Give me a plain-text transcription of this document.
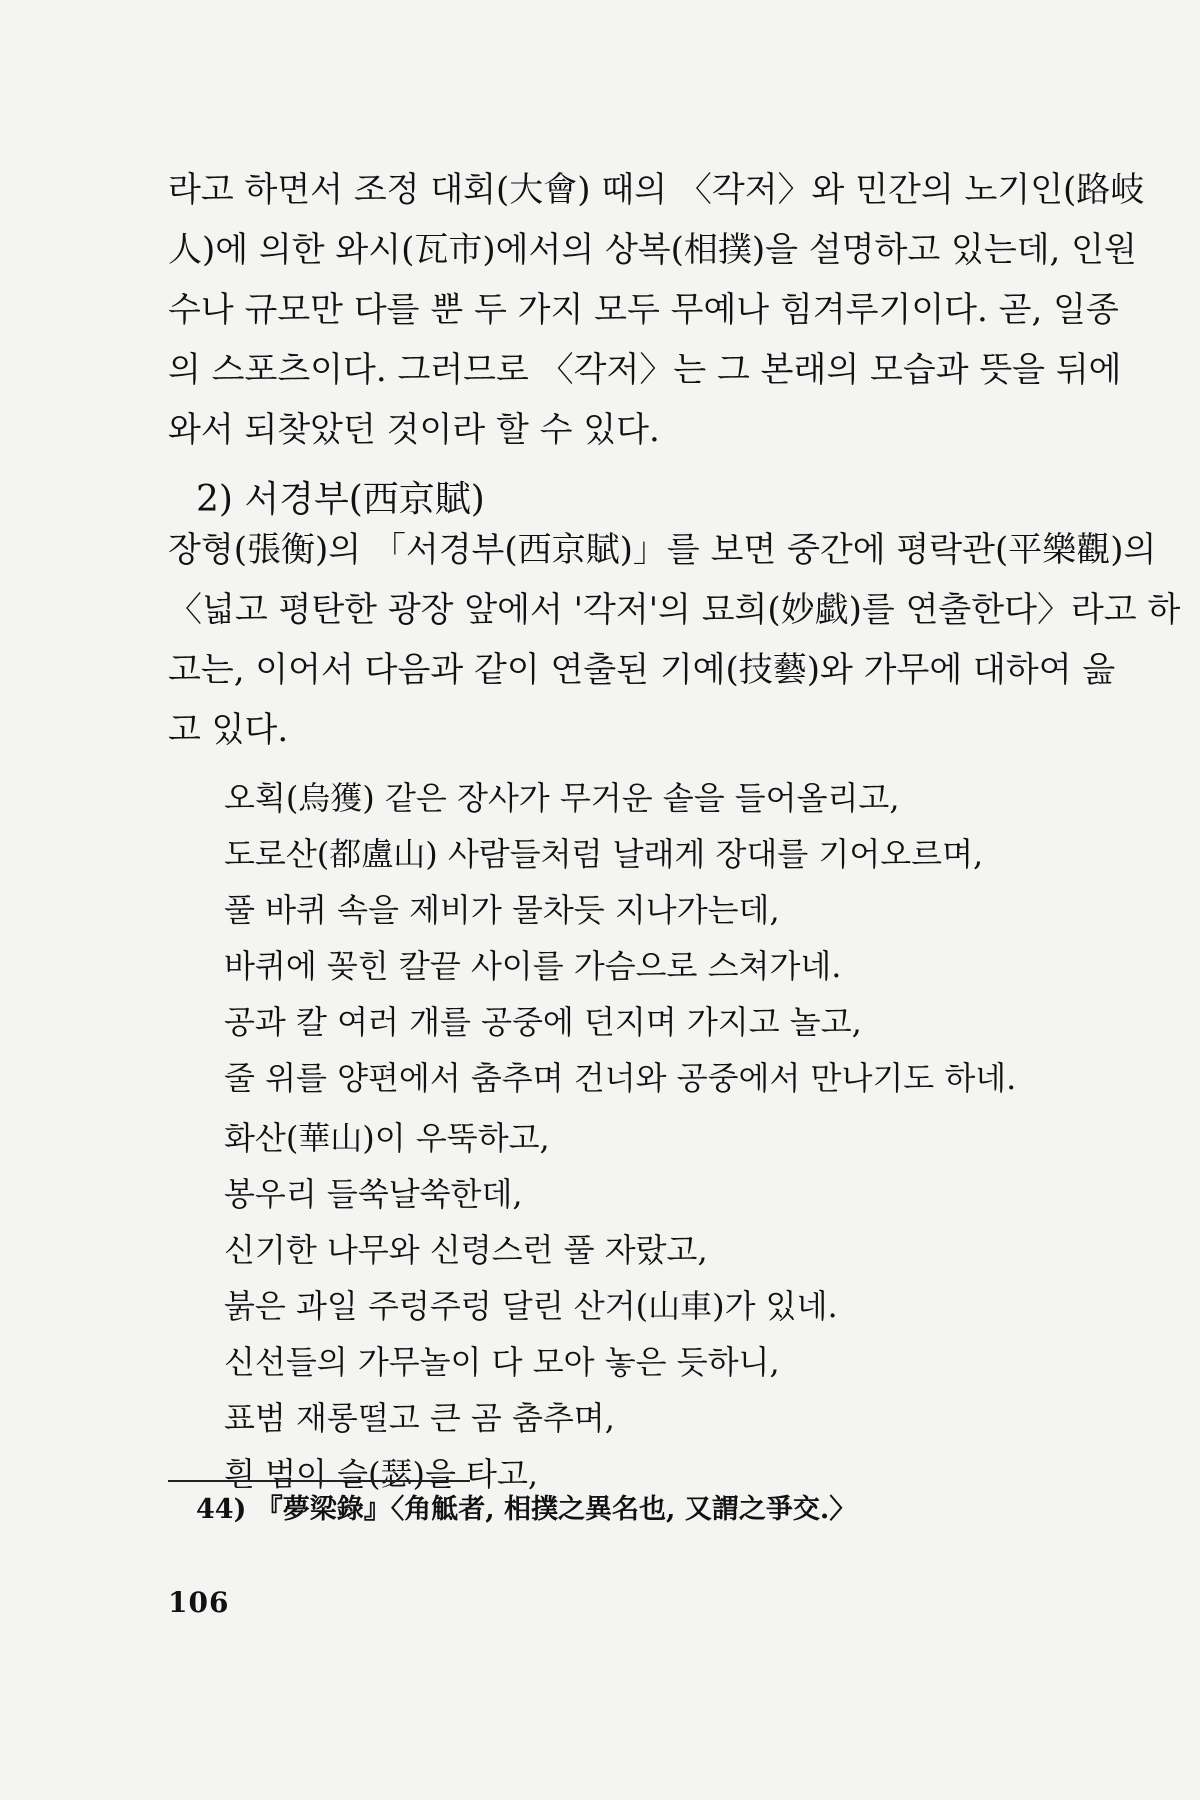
라고 하면서 조정 대회(大會) 때의 〈각저〉와 민간의 노기인(路岐
人)에 의한 와시(瓦市)에서의 상복(相撲)을 설명하고 있는데, 인원
수나 규모만 다를 뿐 두 가지 모두 무예나 힘겨루기이다. 곧, 일종
의 스포츠이다. 그러므로 〈각저〉는 그 본래의 모습과 뜻을 뒤에
와서 되찾았던 것이라 할 수 있다.
2) 서경부(西京賦)
장형(張衡)의 「서경부(西京賦)」를 보면 중간에 평락관(平樂觀)의
〈넓고 평탄한 광장 앞에서 '각저'의 묘희(妙戱)를 연출한다〉라고 하
고는, 이어서 다음과 같이 연출된 기예(技藝)와 가무에 대하여 읊
고 있다.
오획(烏獲) 같은 장사가 무거운 솥을 들어올리고,
도로산(都盧山) 사람들처럼 날래게 장대를 기어오르며,
풀 바퀴 속을 제비가 물차듯 지나가는데,
바퀴에 꽂힌 칼끝 사이를 가슴으로 스쳐가네.
공과 칼 여러 개를 공중에 던지며 가지고 놀고,
줄 위를 양편에서 춤추며 건너와 공중에서 만나기도 하네.
화산(華山)이 우뚝하고,
봉우리 들쑥날쑥한데,
신기한 나무와 신령스런 풀 자랐고,
붉은 과일 주렁주렁 달린 산거(山車)가 있네.
신선들의 가무놀이 다 모아 놓은 듯하니,
표범 재롱떨고 큰 곰 춤추며,
흰 범이 슬(瑟)을 타고,
44) 『夢梁錄』〈角觝者, 相撲之異名也, 又謂之爭交.〉
106
